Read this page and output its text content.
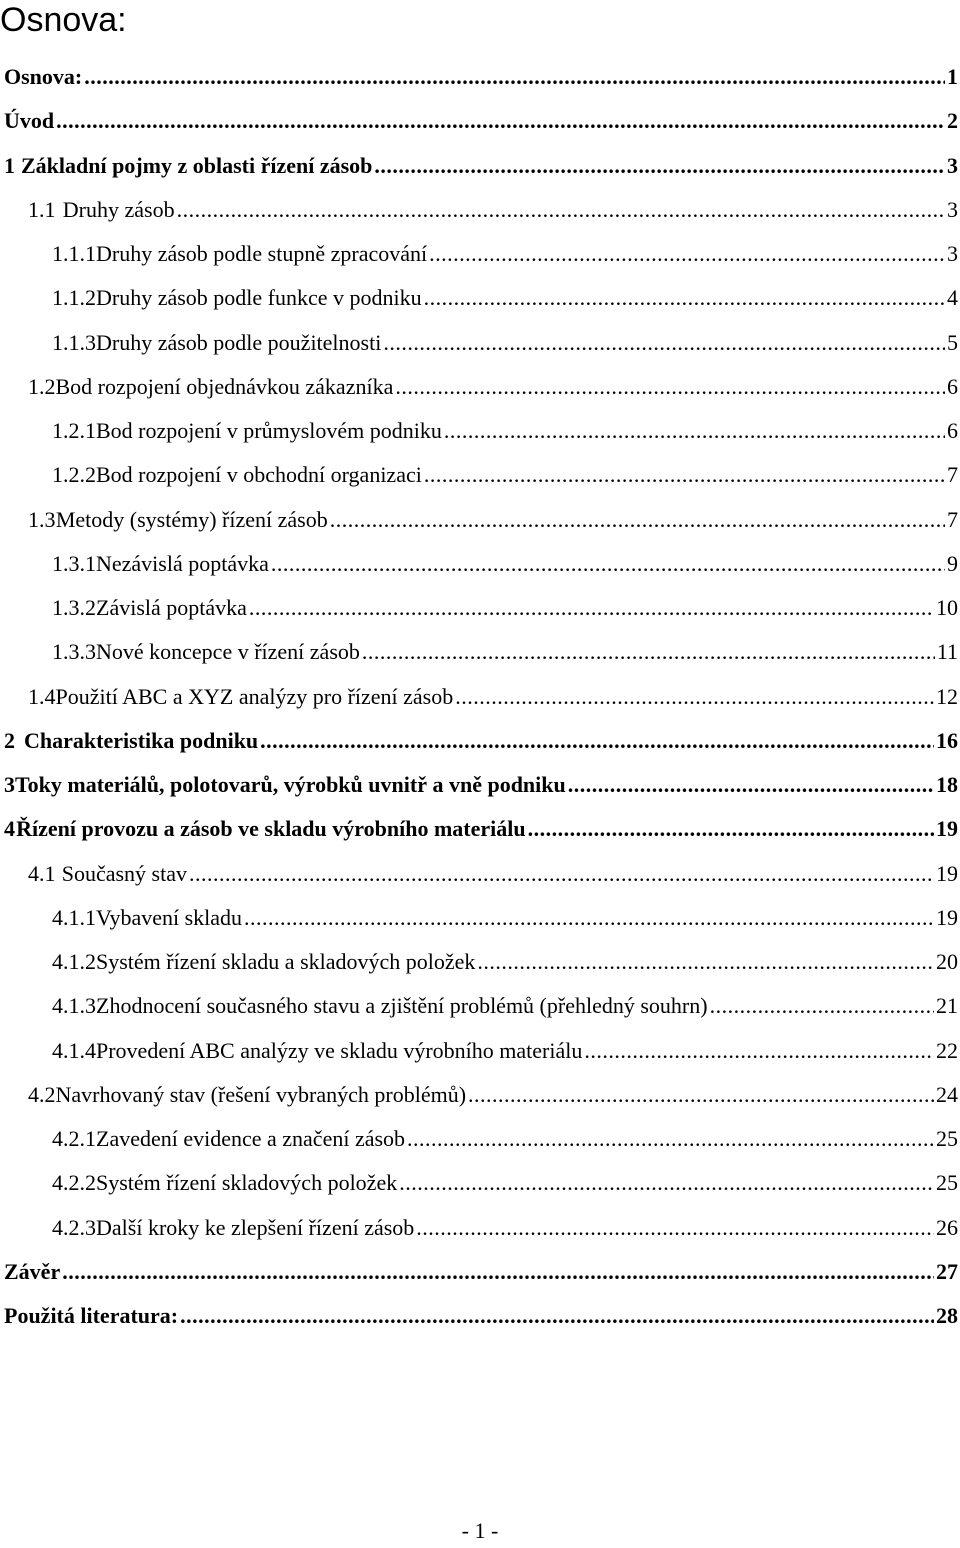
Osnova:
Osnova: .....	1
Úvod .....	2
1 Základní pojmy z oblasti řízení zásob .....	3
1.1 Druhy zásob .....	3
1.1.1 Druhy zásob podle stupně zpracování .....	3
1.1.2 Druhy zásob podle funkce v podniku .....	4
1.1.3 Druhy zásob podle použitelnosti .....	5
1.2 Bod rozpojení objednávkou zákazníka .....	6
1.2.1 Bod rozpojení v průmyslovém podniku .....	6
1.2.2 Bod rozpojení v obchodní organizaci .....	7
1.3 Metody (systémy) řízení zásob .....	7
1.3.1 Nezávislá poptávka .....	9
1.3.2 Závislá poptávka .....	10
1.3.3 Nové koncepce v řízení zásob .....	11
1.4 Použití ABC a XYZ analýzy pro řízení zásob .....	12
2 Charakteristika podniku .....	16
3 Toky materiálů, polotovarů, výrobků uvnitř a vně podniku .....	18
4 Řízení provozu a zásob ve skladu výrobního materiálu .....	19
4.1 Současný stav .....	19
4.1.1 Vybavení skladu .....	19
4.1.2 Systém řízení skladu a skladových položek .....	20
4.1.3 Zhodnocení současného stavu a zjištění problémů (přehledný souhrn) .....	21
4.1.4 Provedení ABC analýzy ve skladu výrobního materiálu .....	22
4.2 Navrhovaný stav (řešení vybraných problémů) .....	24
4.2.1 Zavedení evidence a značení zásob .....	25
4.2.2 Systém řízení skladových položek .....	25
4.2.3 Další kroky ke zlepšení řízení zásob .....	26
Závěr .....	27
Použitá literatura: .....	28
- 1 -
